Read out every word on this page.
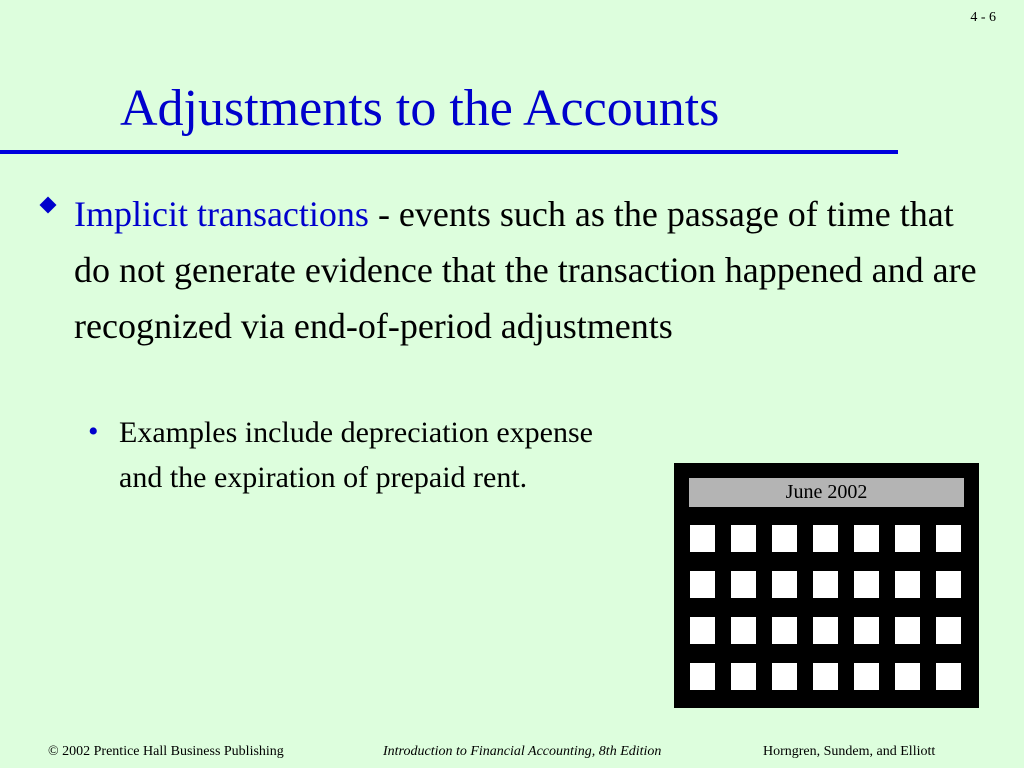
4 - 6
Adjustments to the Accounts
Implicit transactions - events such as the passage of time that do not generate evidence that the transaction happened and are recognized via end-of-period adjustments
• Examples include depreciation expense and the expiration of prepaid rent.	June 2002
© 2002 Prentice Hall Business Publishing	Introduction to Financial Accounting, 8th Edition	Horngren, Sundem, and Elliott
